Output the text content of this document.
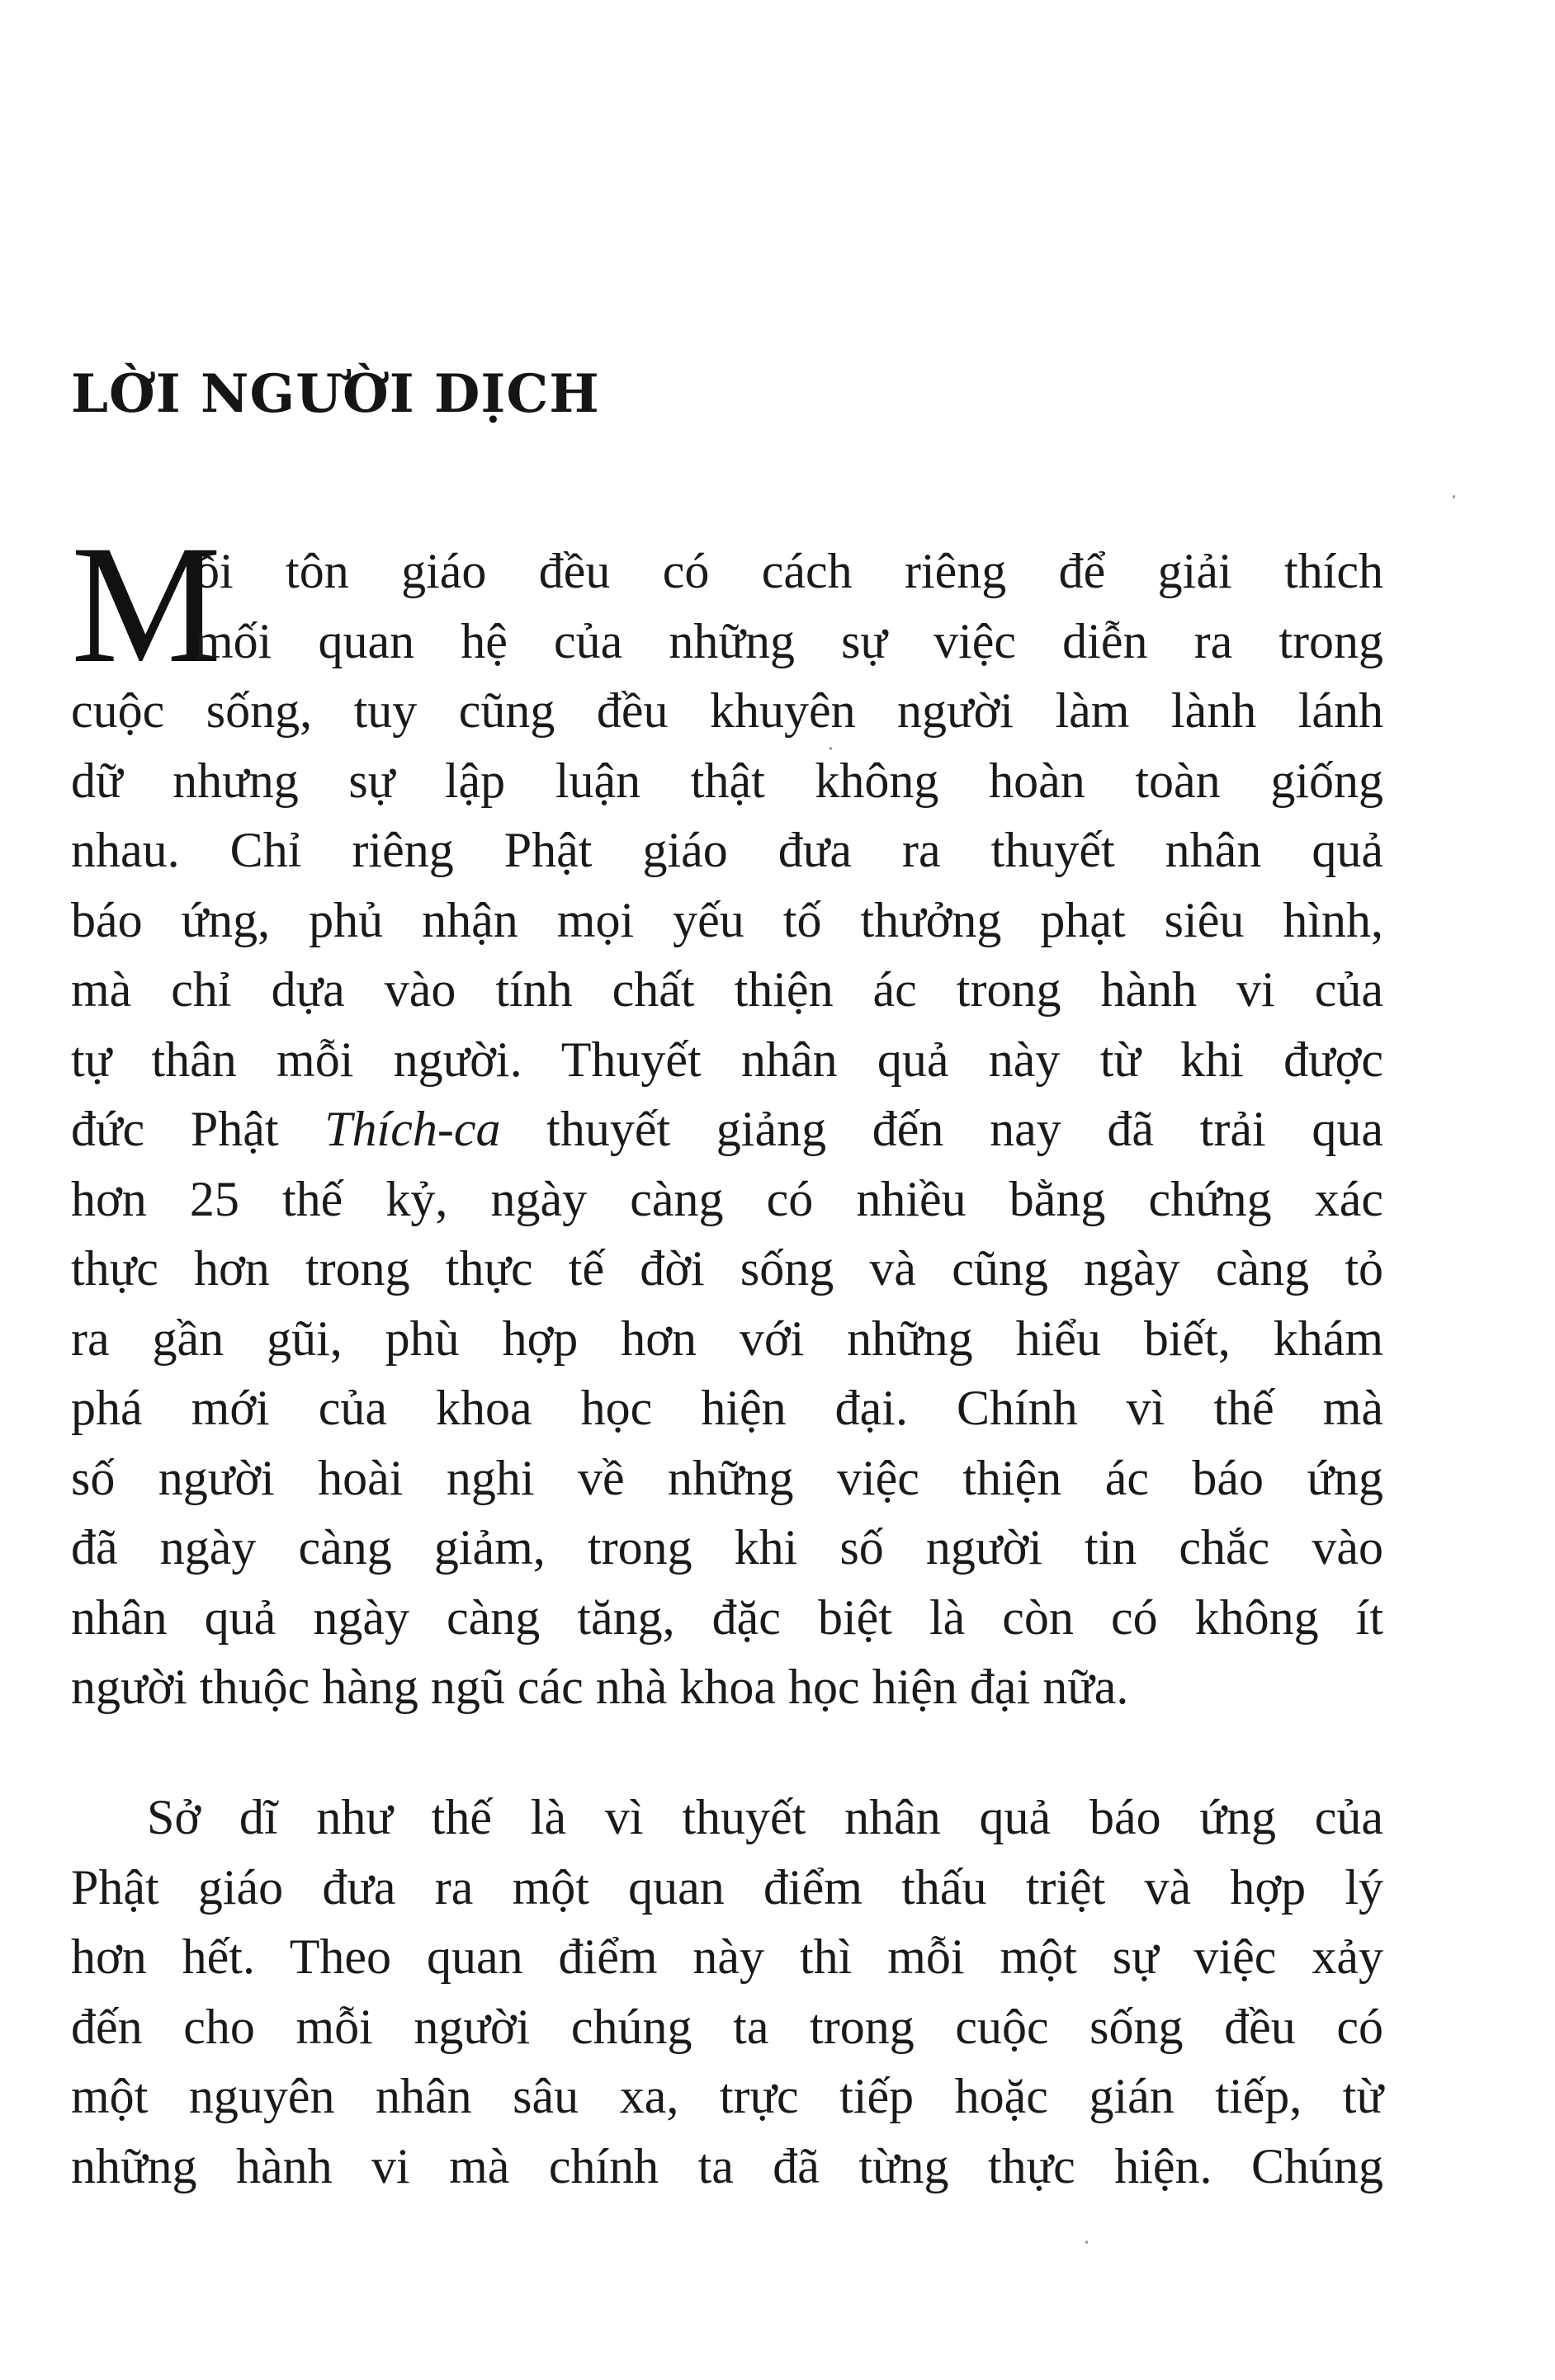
LỜI NGƯỜI DỊCH
M
ỗi tôn giáo đều có cách riêng để giải thích
mối quan hệ của những sự việc diễn ra trong
cuộc sống, tuy cũng đều khuyên người làm lành lánh
dữ nhưng sự lập luận thật không hoàn toàn giống
nhau. Chỉ riêng Phật giáo đưa ra thuyết nhân quả
báo ứng, phủ nhận mọi yếu tố thưởng phạt siêu hình,
mà chỉ dựa vào tính chất thiện ác trong hành vi của
tự thân mỗi người. Thuyết nhân quả này từ khi được
đức Phật Thích-ca thuyết giảng đến nay đã trải qua
hơn 25 thế kỷ, ngày càng có nhiều bằng chứng xác
thực hơn trong thực tế đời sống và cũng ngày càng tỏ
ra gần gũi, phù hợp hơn với những hiểu biết, khám
phá mới của khoa học hiện đại. Chính vì thế mà
số người hoài nghi về những việc thiện ác báo ứng
đã ngày càng giảm, trong khi số người tin chắc vào
nhân quả ngày càng tăng, đặc biệt là còn có không ít
người thuộc hàng ngũ các nhà khoa học hiện đại nữa.
Sở dĩ như thế là vì thuyết nhân quả báo ứng của
Phật giáo đưa ra một quan điểm thấu triệt và hợp lý
hơn hết. Theo quan điểm này thì mỗi một sự việc xảy
đến cho mỗi người chúng ta trong cuộc sống đều có
một nguyên nhân sâu xa, trực tiếp hoặc gián tiếp, từ
những hành vi mà chính ta đã từng thực hiện. Chúng
